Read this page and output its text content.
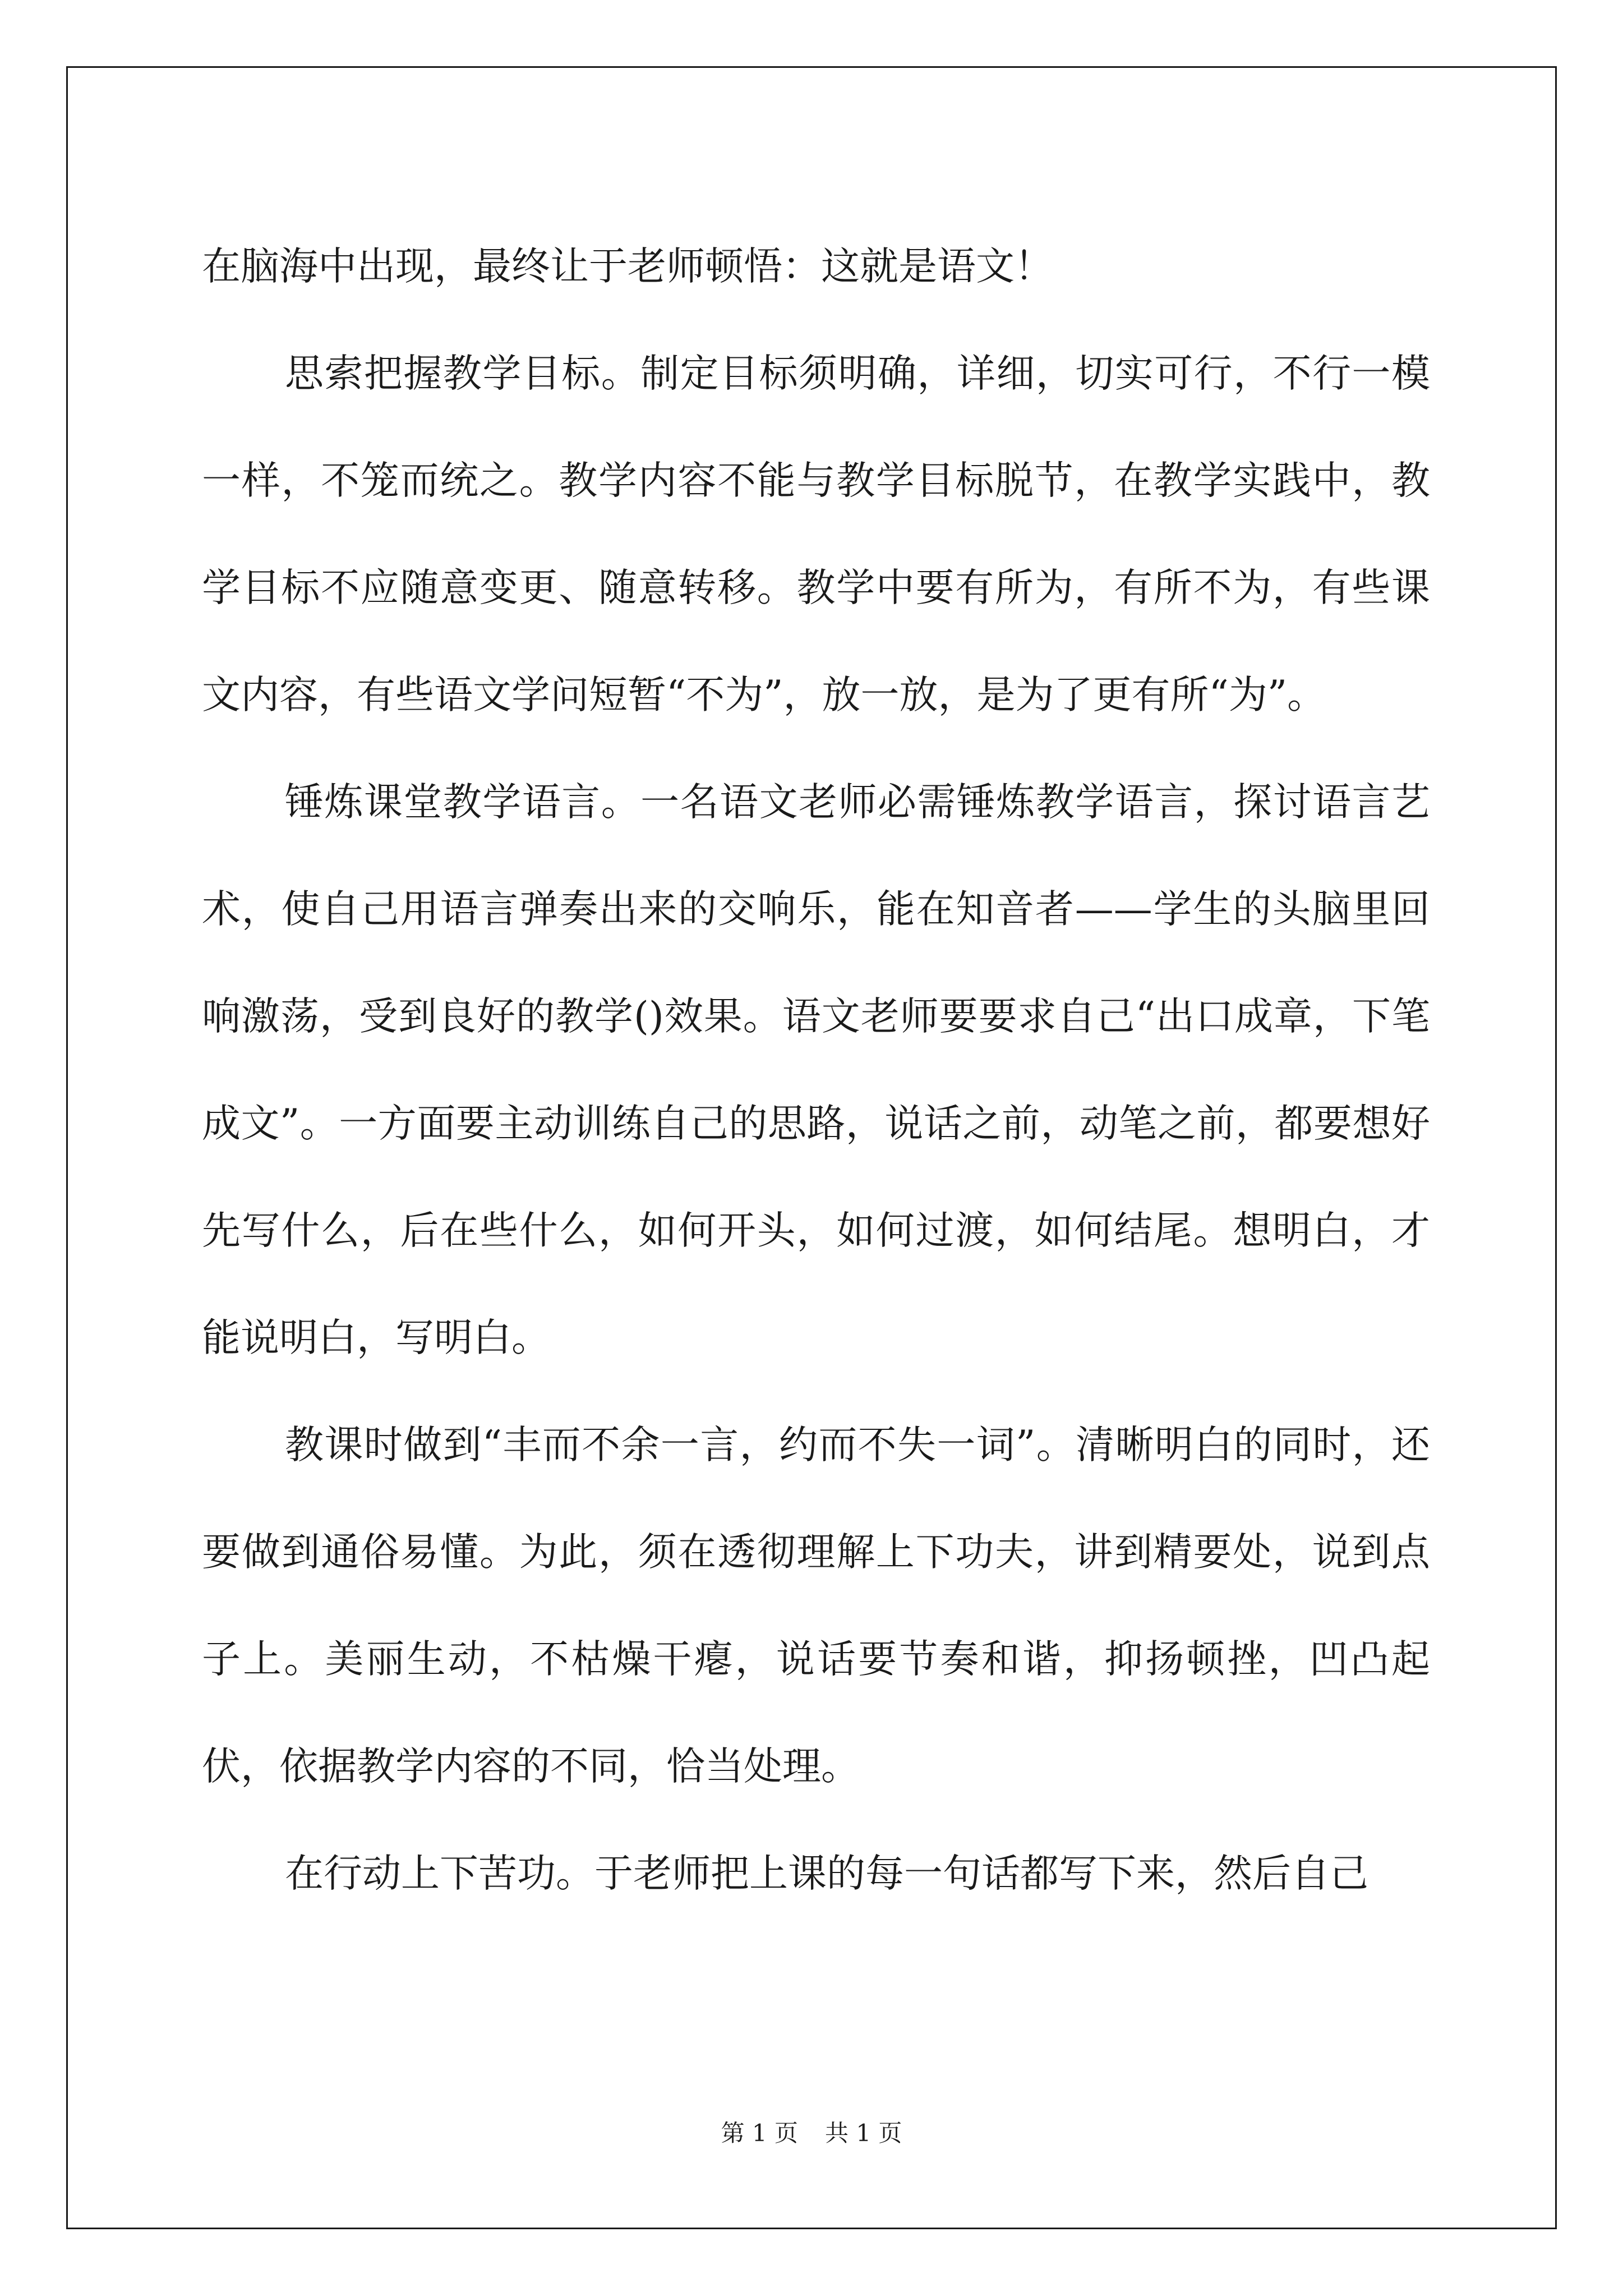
在脑海中出现，最终让于老师顿悟：这就是语文！

思索把握教学目标。制定目标须明确，详细，切实可行，不行一模一样，不笼而统之。教学内容不能与教学目标脱节，在教学实践中，教学目标不应随意变更、随意转移。教学中要有所为，有所不为，有些课文内容，有些语文学问短暂“不为”，放一放，是为了更有所“为”。

锤炼课堂教学语言。一名语文老师必需锤炼教学语言，探讨语言艺术，使自己用语言弹奏出来的交响乐，能在知音者——学生的头脑里回响激荡，受到良好的教学()效果。语文老师要要求自己“出口成章，下笔成文”。一方面要主动训练自己的思路，说话之前，动笔之前，都要想好先写什么，后在些什么，如何开头，如何过渡，如何结尾。想明白，才能说明白，写明白。

教课时做到“丰而不余一言，约而不失一词”。清晰明白的同时，还要做到通俗易懂。为此，须在透彻理解上下功夫，讲到精要处，说到点子上。美丽生动，不枯燥干瘪，说话要节奏和谐，抑扬顿挫，凹凸起伏，依据教学内容的不同，恰当处理。

在行动上下苦功。于老师把上课的每一句话都写下来，然后自己

第 1 页 共 1 页
